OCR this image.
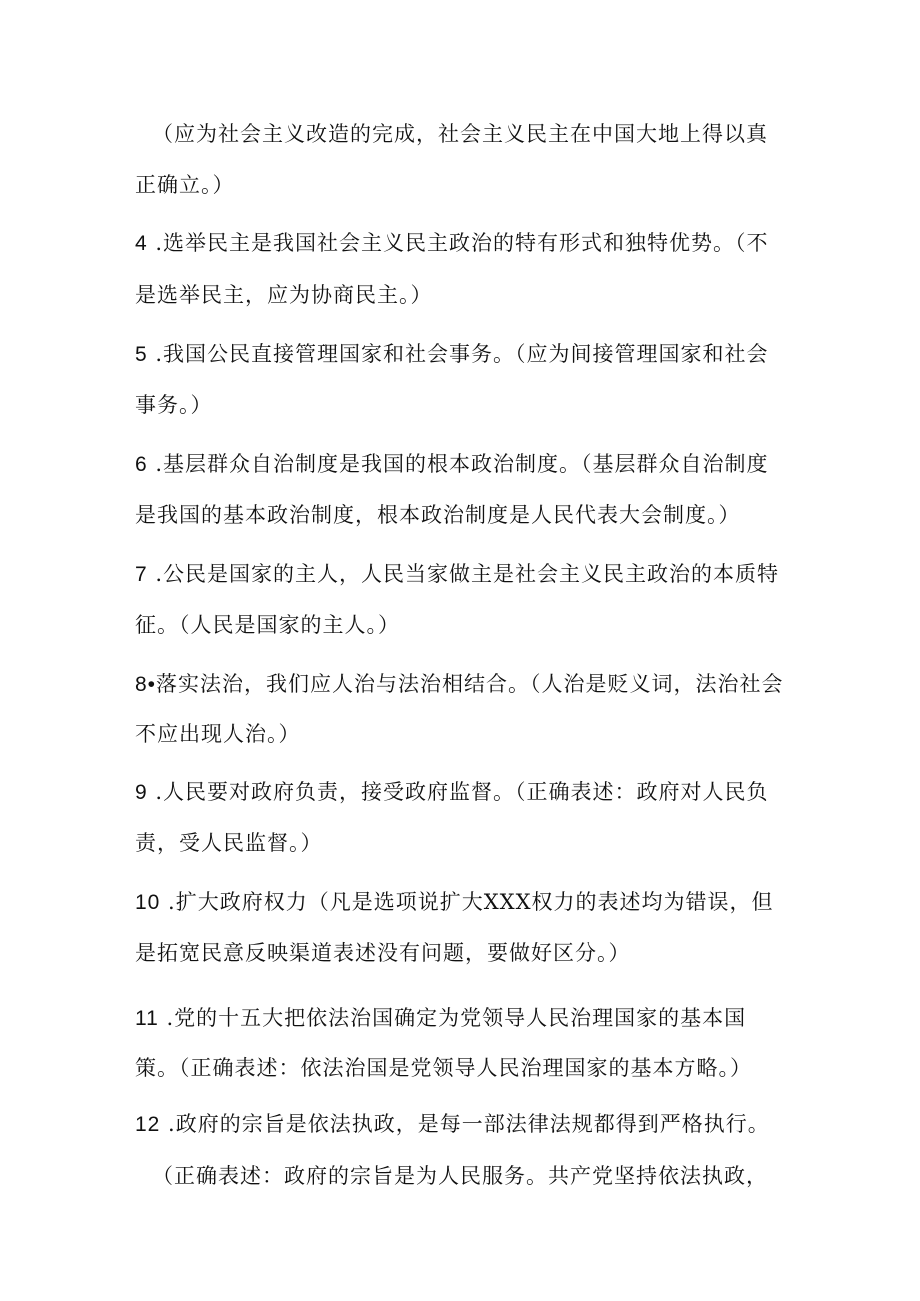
（应为社会主义改造的完成，社会主义民主在中国大地上得以真
正确立。）
4 .选举民主是我国社会主义民主政治的特有形式和独特优势。（不
是选举民主，应为协商民主。）
5 .我国公民直接管理国家和社会事务。（应为间接管理国家和社会
事务。）
6 .基层群众自治制度是我国的根本政治制度。（基层群众自治制度
是我国的基本政治制度，根本政治制度是人民代表大会制度。）
7 .公民是国家的主人，人民当家做主是社会主义民主政治的本质特
征。（人民是国家的主人。）
8•落实法治，我们应人治与法治相结合。（人治是贬义词，法治社会
不应出现人治。）
9 .人民要对政府负责，接受政府监督。（正确表述：政府对人民负
责，受人民监督。）
10 .扩大政府权力（凡是选项说扩大XXX权力的表述均为错误，但
是拓宽民意反映渠道表述没有问题，要做好区分。）
11 .党的十五大把依法治国确定为党领导人民治理国家的基本国
策。（正确表述：依法治国是党领导人民治理国家的基本方略。）
12 .政府的宗旨是依法执政，是每一部法律法规都得到严格执行。
（正确表述：政府的宗旨是为人民服务。共产党坚持依法执政，
